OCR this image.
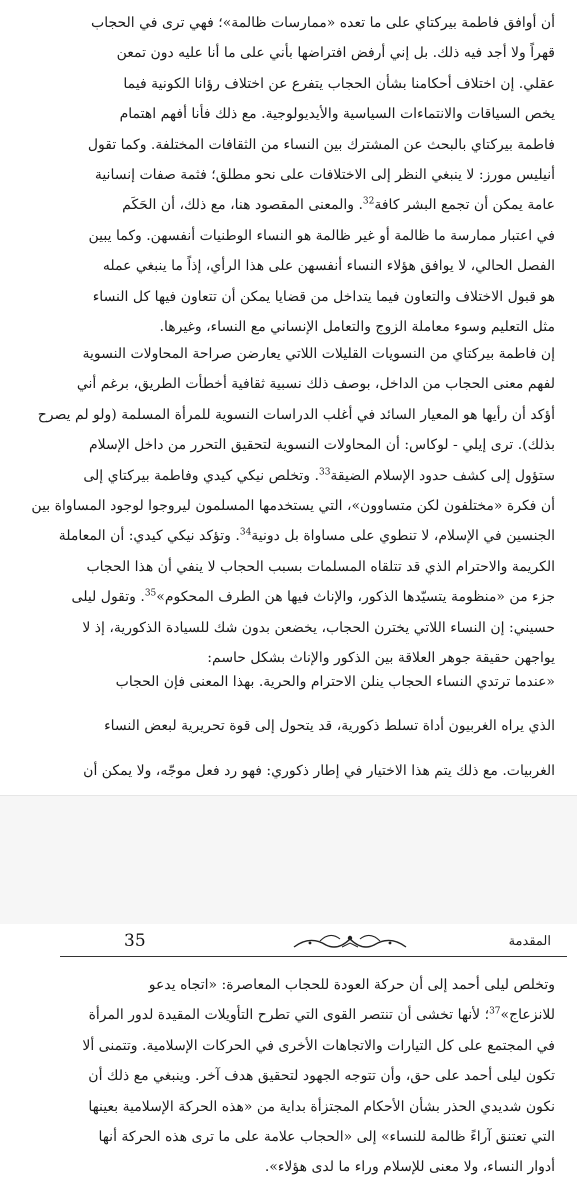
أن أوافق فاطمة بيركتاي على ما تعده «ممارسات ظالمة»؛ فهي ترى في الحجاب

قهراً ولا أجد فيه ذلك. بل إني أرفض افتراضها بأني على ما أنا عليه دون تمعن

عقلي. إن اختلاف أحكامنا بشأن الحجاب يتفرع عن اختلاف رؤانا الكونية فيما

يخص السياقات والانتماءات السياسية والأيديولوجية. مع ذلك فأنا أفهم اهتمام

فاطمة بيركتاي بالبحث عن المشترك بين النساء من الثقافات المختلفة. وكما تقول

أنيليس مورز: لا ينبغي النظر إلى الاختلافات على نحو مطلق؛ فثمة صفات إنسانية

عامة يمكن أن تجمع البشر كافة$^{32}$. والمعنى المقصود هنا، مع ذلك، أن الحَكَم

في اعتبار ممارسة ما ظالمة أو غير ظالمة هو النساء الوطنيات أنفسهن. وكما يبين

الفصل الحالي، لا يوافق هؤلاء النساء أنفسهن على هذا الرأي، إذاً ما ينبغي عمله

هو قبول الاختلاف والتعاون فيما يتداخل من قضايا يمكن أن تتعاون فيها كل النساء

مثل التعليم وسوء معاملة الزوج والتعامل الإنساني مع النساء، وغيرها.

إن فاطمة بيركتاي من النسويات القليلات اللاتي يعارضن صراحة المحاولات النسوية

لفهم معنى الحجاب من الداخل، بوصف ذلك نسبية ثقافية أخطأت الطريق، برغم أني

أؤكد أن رأيها هو المعيار السائد في أغلب الدراسات النسوية للمرأة المسلمة (ولو لم يصرح

بذلك). ترى إيلي - لوكاس: أن المحاولات النسوية لتحقيق التحرر من داخل الإسلام

ستؤول إلى كشف حدود الإسلام الضيقة$^{33}$. وتخلص نيكي كيدي وفاطمة بيركتاي إلى

أن فكرة «مختلفون لكن متساوون»، التي يستخدمها المسلمون ليروجوا لوجود المساواة بين

الجنسين في الإسلام، لا تنطوي على مساواة بل دونية$^{34}$. وتؤكد نيكي كيدي: أن المعاملة

الكريمة والاحترام الذي قد تتلقاه المسلمات بسبب الحجاب لا ينفي أن هذا الحجاب

جزء من «منظومة يتسيّدها الذكور، والإناث فيها هن الطرف المحكوم»$^{35}$. وتقول ليلى

حسيني: إن النساء اللاتي يخترن الحجاب، يخضعن بدون شك للسيادة الذكورية، إذ لا

يواجهن حقيقة جوهر العلاقة بين الذكور والإناث بشكل حاسم:

«عندما ترتدي النساء الحجاب ينلن الاحترام والحرية. بهذا المعنى فإن الحجاب

الذي يراه الغربيون أداة تسلط ذكورية، قد يتحول إلى قوة تحريرية لبعض النساء

الغربيات. مع ذلك يتم هذا الاختيار في إطار ذكوري: فهو رد فعل موجّه، ولا يمكن أن

35	المقدمة

وتخلص ليلى أحمد إلى أن حركة العودة للحجاب المعاصرة: «اتجاه يدعو

للانزعاج»$^{37}$؛ لأنها تخشى أن تنتصر القوى التي تطرح التأويلات المقيدة لدور المرأة

في المجتمع على كل التيارات والاتجاهات الأخرى في الحركات الإسلامية. وتتمنى ألا

تكون ليلى أحمد على حق، وأن تتوجه الجهود لتحقيق هدف آخر. وينبغي مع ذلك أن

نكون شديدي الحذر بشأن الأحكام المجتزأة بداية من «هذه الحركة الإسلامية بعينها

التي تعتنق آراءً ظالمة للنساء» إلى «الحجاب علامة على ما ترى هذه الحركة أنها

أدوار النساء، ولا معنى للإسلام وراء ما لدى هؤلاء».
